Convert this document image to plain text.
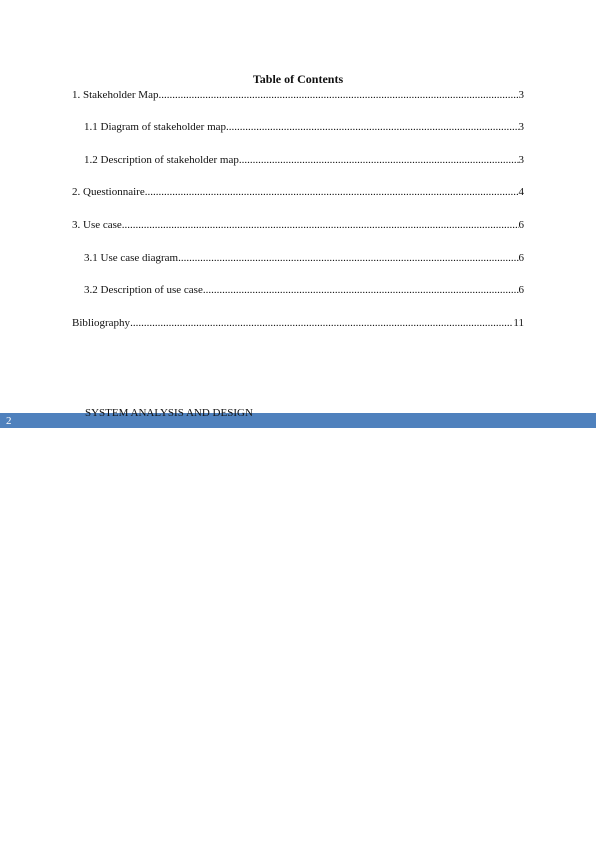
Table of Contents
1. Stakeholder Map .....	3
1.1 Diagram of stakeholder map .....	3
1.2 Description of stakeholder map .....	3
2. Questionnaire .....	4
3. Use case .....	6
3.1 Use case diagram .....	6
3.2 Description of use case .....	6
Bibliography .....	11
2
SYSTEM ANALYSIS AND DESIGN
